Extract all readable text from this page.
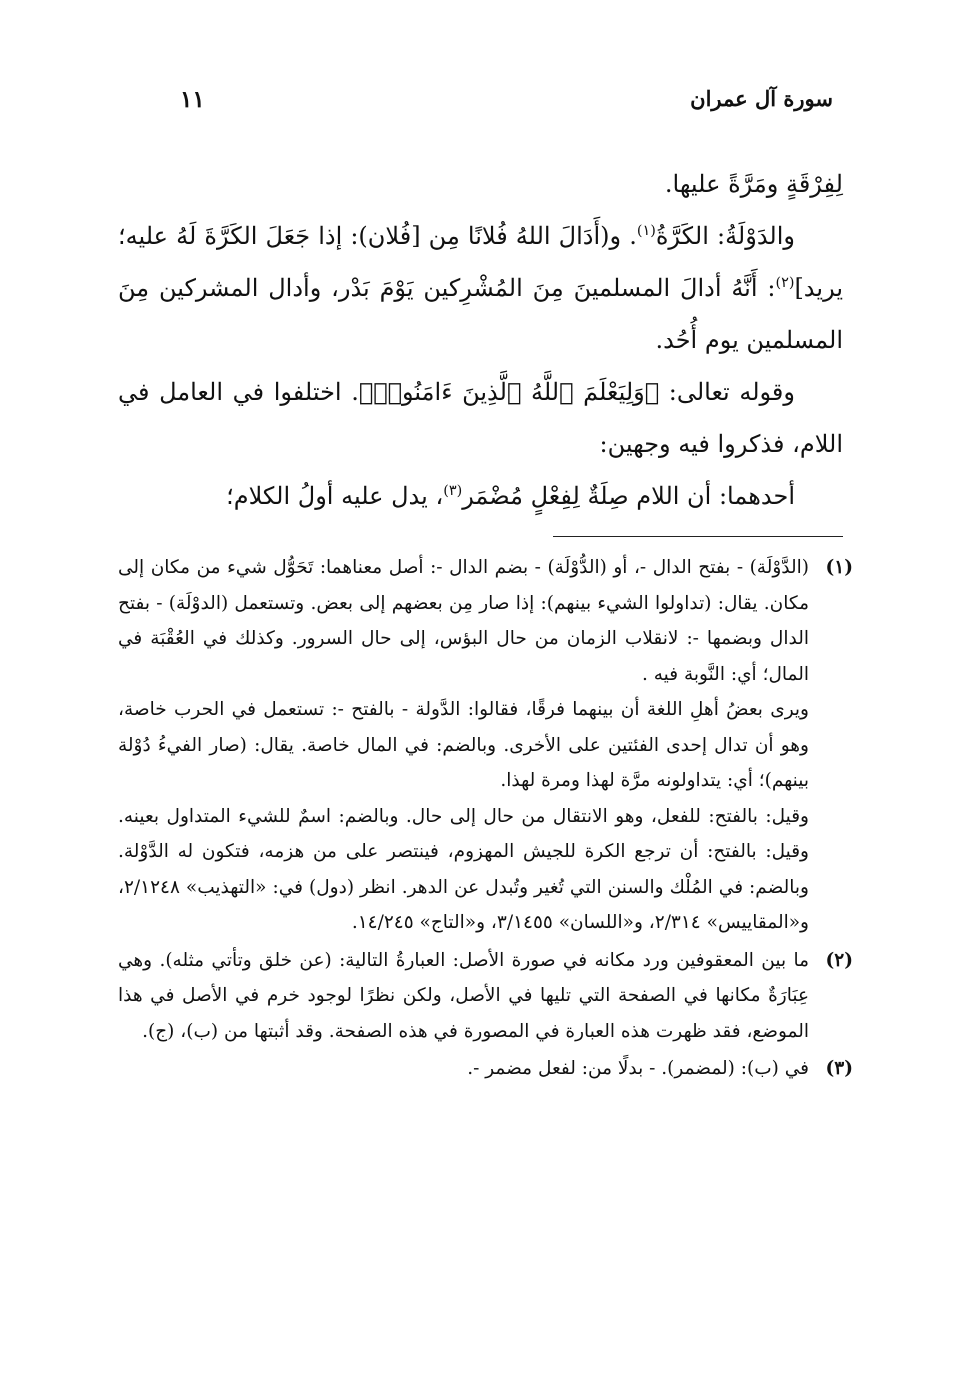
سورة آل عمران
١١

لِفِرْقَةٍ ومَرَّةً عليها.

والدَوْلَةُ: الكَرَّةُ$^{(١)}$. و(أَدَالَ اللهُ فُلانًا مِن [فُلان): إذا جَعَلَ الكَرَّةَ لَهُ عليه؛ يريد]$^{(٢)}$: أَنَّهُ أدالَ المسلمينَ مِنَ المُشْرِكين يَوْمَ بَدْر، وأدال المشركين مِنَ المسلمين يوم أُحُد.

وقوله تعالى: ﴿وَلِيَعْلَمَ ٱللَّهُ ٱلَّذِينَ ءَامَنُوا۟﴾. اختلفوا في العامل في اللام، فذكروا فيه وجهين:

أحدهما: أن اللام صِلَةٌ لِفِعْلٍ مُضْمَر$^{(٣)}$، يدل عليه أولُ الكلام؛

(١)

(الدَّوْلَة) - بفتح الدال -، أو (الدُّوْلَة) - بضم الدال -: أصل معناهما: تَحَوُّل شيء من مكان إلى مكان. يقال: (تداولوا الشيء بينهم): إذا صار مِن بعضهم إلى بعض. وتستعمل (الدوْلَة) - بفتح الدال وبضمها -: لانقلاب الزمان من حال البؤس، إلى حال السرور. وكذلك في العُقْبَة في المال؛ أي: النَّوبة فيه .

ويرى بعضُ أهلِ اللغة أن بينهما فرقًا، فقالوا: الدَّولة - بالفتح -: تستعمل في الحرب خاصة، وهو أن تدال إحدى الفئتين على الأخرى. وبالضم: في المال خاصة. يقال: (صار الفيءُ دُوْلة بينهم)؛ أي: يتداولونه مرَّة لهذا ومرة لهذا.

وقيل: بالفتح: للفعل، وهو الانتقال من حال إلى حال. وبالضم: اسمٌ للشيء المتداول بعينه. وقيل: بالفتح: أن ترجع الكرة للجيش المهزوم، فينتصر على من هزمه، فتكون له الدَّوْلة. وبالضم: في المُلْك والسنن التي تُغير وتُبدل عن الدهر. انظر (دول) في: «التهذيب» ٢/١٢٤٨، و«المقاييس» ٢/٣١٤، و«اللسان» ٣/١٤٥٥، و«التاج» ١٤/٢٤٥.

(٢)

ما بين المعقوفين ورد مكانه في صورة الأصل: العبارةُ التالية: (عن خلق وتأتي مثله). وهي عِبَارَةٌ مكانها في الصفحة التي تليها في الأصل، ولكن نظرًا لوجود خرم في الأصل في هذا الموضع، فقد ظهرت هذه العبارة في المصورة في هذه الصفحة. وقد أثبتها من (ب)، (ج).

(٣)

في (ب): (لمضمر). - بدلًا من: لفعل مضمر -.
